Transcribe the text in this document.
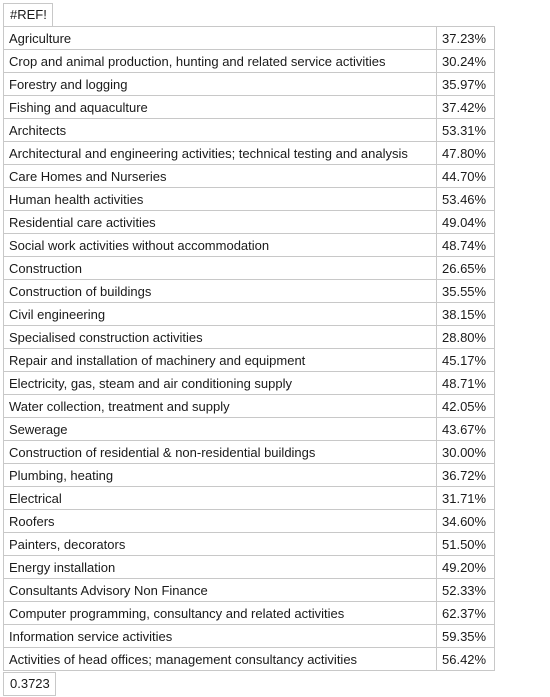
#REF!
Agriculture	37.23%
Crop and animal production, hunting and related service activities	30.24%
Forestry and logging	35.97%
Fishing and aquaculture	37.42%
Architects	53.31%
Architectural and engineering activities; technical testing and analysis	47.80%
Care Homes and Nurseries	44.70%
Human health activities	53.46%
Residential care activities	49.04%
Social work activities without accommodation	48.74%
Construction	26.65%
Construction of buildings	35.55%
Civil engineering	38.15%
Specialised construction activities	28.80%
Repair and installation of machinery and equipment	45.17%
Electricity, gas, steam and air conditioning supply	48.71%
Water collection, treatment and supply	42.05%
Sewerage	43.67%
Construction of residential & non-residential buildings	30.00%
Plumbing, heating	36.72%
Electrical	31.71%
Roofers	34.60%
Painters, decorators	51.50%
Energy installation	49.20%
Consultants Advisory Non Finance	52.33%
Computer programming, consultancy and related activities	62.37%
Information service activities	59.35%
Activities of head offices; management consultancy activities	56.42%
0.3723
